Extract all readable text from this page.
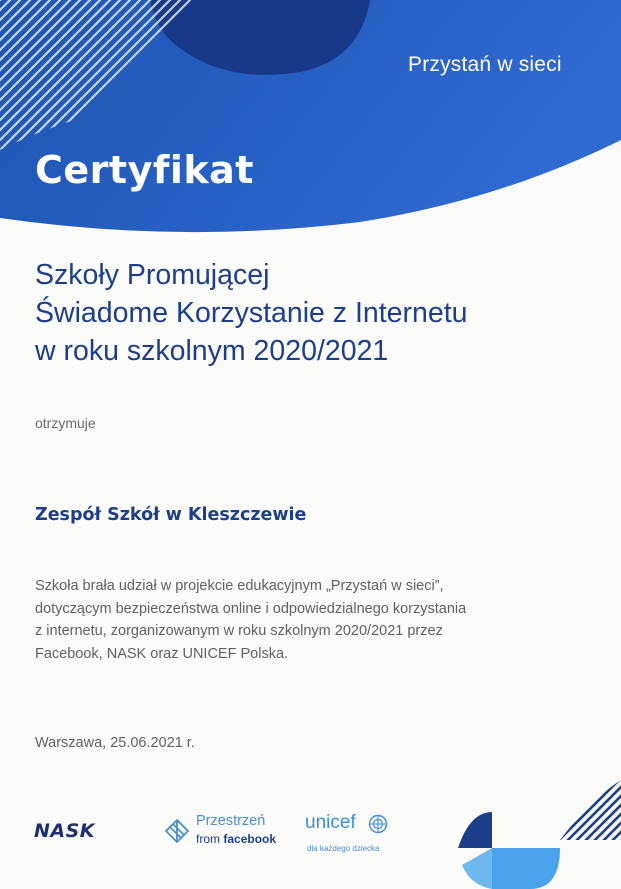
Przystań w sieci
Certyfikat
Szkoły Promującej
Świadome Korzystanie z Internetu
w roku szkolnym 2020/2021
otrzymuje
Zespół Szkół w Kleszczewie
Szkoła brała udział w projekcie edukacyjnym „Przystań w sieci”,
dotyczącym bezpieczeństwa online i odpowiedzialnego korzystania
z internetu, zorganizowanym w roku szkolnym 2020/2021 przez
Facebook, NASK oraz UNICEF Polska.
Warszawa, 25.06.2021 r.
NASK	Przestrzeń
from facebook
unicef
dla każdego dziecka
